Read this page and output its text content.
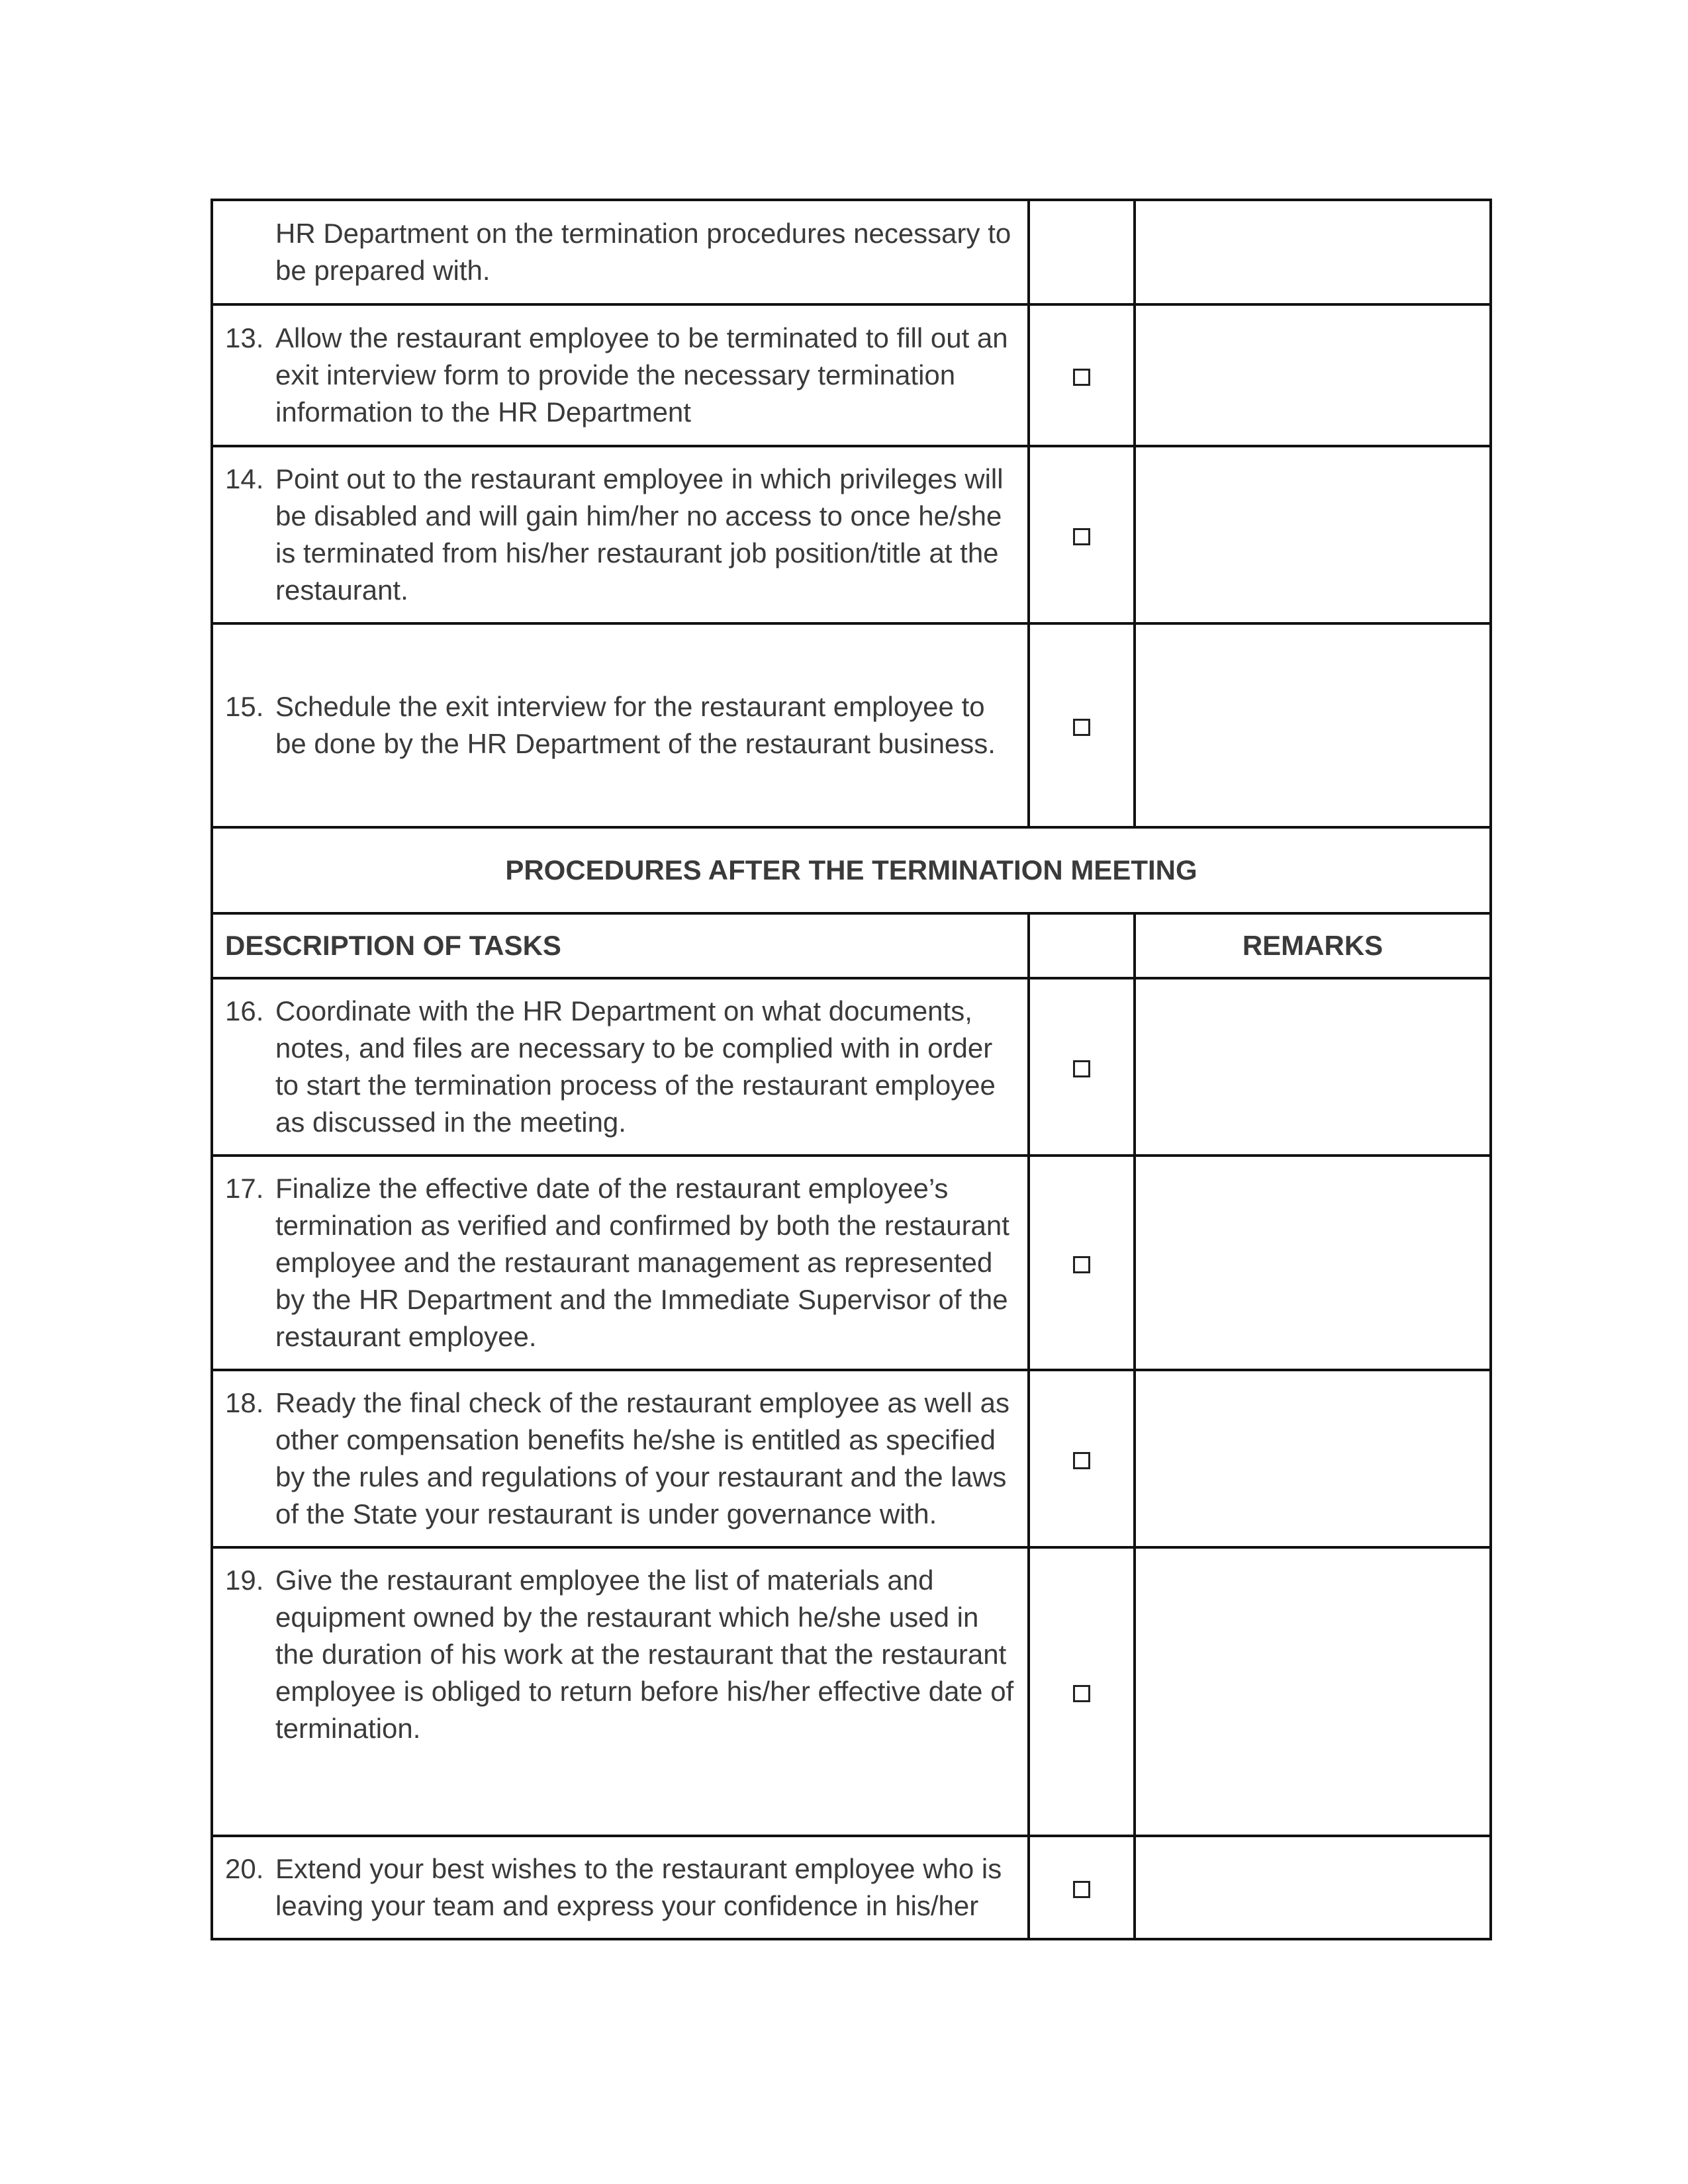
HR Department on the termination procedures necessary to be prepared with.		

13. Allow the restaurant employee to be terminated to fill out an exit interview form to provide the necessary termination information to the HR Department		

14. Point out to the restaurant employee in which privileges will be disabled and will gain him/her no access to once he/she is terminated from his/her restaurant job position/title at the restaurant.		

15. Schedule the exit interview for the restaurant employee to be done by the HR Department of the restaurant business.		

PROCEDURES AFTER THE TERMINATION MEETING		
DESCRIPTION OF TASKS		REMARKS

16. Coordinate with the HR Department on what documents, notes, and files are necessary to be complied with in order to start the termination process of the restaurant employee as discussed in the meeting.		

17. Finalize the effective date of the restaurant employee’s termination as verified and confirmed by both the restaurant employee and the restaurant management as represented by the HR Department and the Immediate Supervisor of the restaurant employee.		

18. Ready the final check of the restaurant employee as well as other compensation benefits he/she is entitled as specified by the rules and regulations of your restaurant and the laws of the State your restaurant is under governance with.		

19. Give the restaurant employee the list of materials and equipment owned by the restaurant which he/she used in the duration of his work at the restaurant that the restaurant employee is obliged to return before his/her effective date of termination.		

20. Extend your best wishes to the restaurant employee who is leaving your team and express your confidence in his/her		
